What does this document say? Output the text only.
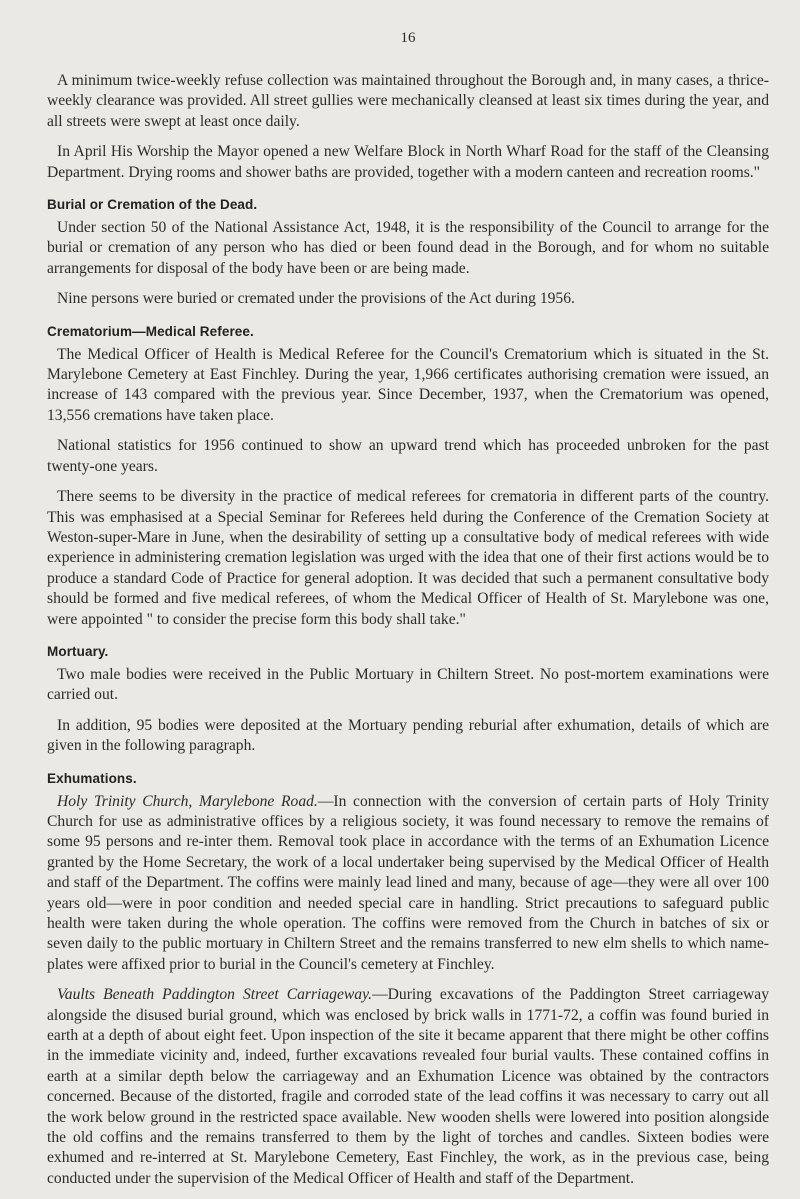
16

A minimum twice-weekly refuse collection was maintained throughout the Borough and, in many cases, a thrice-weekly clearance was provided. All street gullies were mechanically cleansed at least six times during the year, and all streets were swept at least once daily.

In April His Worship the Mayor opened a new Welfare Block in North Wharf Road for the staff of the Cleansing Department. Drying rooms and shower baths are provided, together with a modern canteen and recreation rooms."

Burial or Cremation of the Dead.

Under section 50 of the National Assistance Act, 1948, it is the responsibility of the Council to arrange for the burial or cremation of any person who has died or been found dead in the Borough, and for whom no suitable arrangements for disposal of the body have been or are being made.

Nine persons were buried or cremated under the provisions of the Act during 1956.

Crematorium—Medical Referee.

The Medical Officer of Health is Medical Referee for the Council's Crematorium which is situated in the St. Marylebone Cemetery at East Finchley. During the year, 1,966 certificates authorising cremation were issued, an increase of 143 compared with the previous year. Since December, 1937, when the Crematorium was opened, 13,556 cremations have taken place.

National statistics for 1956 continued to show an upward trend which has proceeded unbroken for the past twenty-one years.

There seems to be diversity in the practice of medical referees for crematoria in different parts of the country. This was emphasised at a Special Seminar for Referees held during the Conference of the Cremation Society at Weston-super-Mare in June, when the desirability of setting up a consultative body of medical referees with wide experience in administering cremation legislation was urged with the idea that one of their first actions would be to produce a standard Code of Practice for general adoption. It was decided that such a permanent consultative body should be formed and five medical referees, of whom the Medical Officer of Health of St. Marylebone was one, were appointed " to consider the precise form this body shall take."

Mortuary.

Two male bodies were received in the Public Mortuary in Chiltern Street. No post-mortem examinations were carried out.

In addition, 95 bodies were deposited at the Mortuary pending reburial after exhumation, details of which are given in the following paragraph.

Exhumations.

Holy Trinity Church, Marylebone Road.—In connection with the conversion of certain parts of Holy Trinity Church for use as administrative offices by a religious society, it was found necessary to remove the remains of some 95 persons and re-inter them. Removal took place in accordance with the terms of an Exhumation Licence granted by the Home Secretary, the work of a local undertaker being supervised by the Medical Officer of Health and staff of the Department. The coffins were mainly lead lined and many, because of age—they were all over 100 years old—were in poor condition and needed special care in handling. Strict precautions to safeguard public health were taken during the whole operation. The coffins were removed from the Church in batches of six or seven daily to the public mortuary in Chiltern Street and the remains transferred to new elm shells to which name-plates were affixed prior to burial in the Council's cemetery at Finchley.

Vaults Beneath Paddington Street Carriageway.—During excavations of the Paddington Street carriageway alongside the disused burial ground, which was enclosed by brick walls in 1771-72, a coffin was found buried in earth at a depth of about eight feet. Upon inspection of the site it became apparent that there might be other coffins in the immediate vicinity and, indeed, further excavations revealed four burial vaults. These contained coffins in earth at a similar depth below the carriageway and an Exhumation Licence was obtained by the contractors concerned. Because of the distorted, fragile and corroded state of the lead coffins it was necessary to carry out all the work below ground in the restricted space available. New wooden shells were lowered into position alongside the old coffins and the remains transferred to them by the light of torches and candles. Sixteen bodies were exhumed and re-interred at St. Marylebone Cemetery, East Finchley, the work, as in the previous case, being conducted under the supervision of the Medical Officer of Health and staff of the Department.
